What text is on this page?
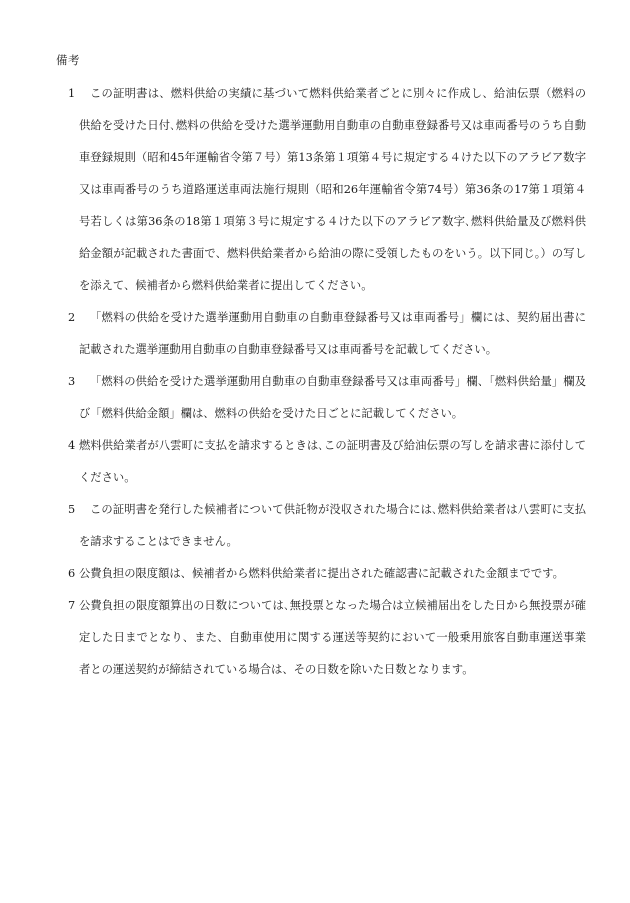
備考
1	この証明書は、燃料供給の実績に基づいて燃料供給業者ごとに別々に作成し、給油伝票（燃料の供給を受けた日付､燃料の供給を受けた選挙運動用自動車の自動車登録番号又は車両番号のうち自動車登録規則（昭和45年運輸省令第７号）第13条第１項第４号に規定する４けた以下のアラビア数字又は車両番号のうち道路運送車両法施行規則（昭和26年運輸省令第74号）第36条の17第１項第４号若しくは第36条の18第１項第３号に規定する４けた以下のアラビア数字､燃料供給量及び燃料供給金額が記載された書面で、燃料供給業者から給油の際に受領したものをいう。以下同じ。）の写しを添えて、候補者から燃料供給業者に提出してください。
2	「燃料の供給を受けた選挙運動用自動車の自動車登録番号又は車両番号」欄には、契約届出書に記載された選挙運動用自動車の自動車登録番号又は車両番号を記載してください。
3	「燃料の供給を受けた選挙運動用自動車の自動車登録番号又は車両番号」欄、「燃料供給量」欄及び「燃料供給金額」欄は、燃料の供給を受けた日ごとに記載してください。
4 燃料供給業者が八雲町に支払を請求するときは､この証明書及び給油伝票の写しを請求書に添付してください。
5	この証明書を発行した候補者について供託物が没収された場合には､燃料供給業者は八雲町に支払を請求することはできません。
6 公費負担の限度額は、候補者から燃料供給業者に提出された確認書に記載された金額までです。
7 公費負担の限度額算出の日数については､無投票となった場合は立候補届出をした日から無投票が確定した日までとなり、また、自動車使用に関する運送等契約において一般乗用旅客自動車運送事業者との運送契約が締結されている場合は、その日数を除いた日数となります。
